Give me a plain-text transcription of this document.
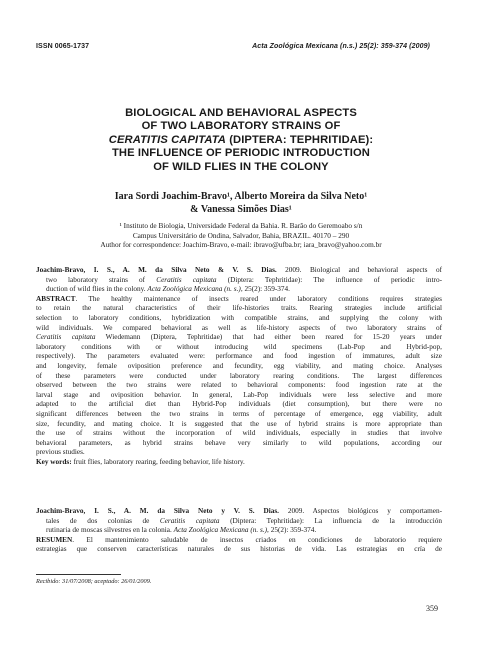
ISSN 0065-1737	Acta Zoológica Mexicana (n.s.) 25(2): 359-374 (2009)
BIOLOGICAL AND BEHAVIORAL ASPECTS
OF TWO LABORATORY STRAINS OF
CERATITIS CAPITATA (DIPTERA: TEPHRITIDAE):
THE INFLUENCE OF PERIODIC INTRODUCTION
OF WILD FLIES IN THE COLONY
Iara Sordi Joachim-Bravo¹, Alberto Moreira da Silva Neto¹
& Vanessa Simões Dias¹
¹ Instituto de Biologia, Universidade Federal da Bahia. R. Barão do Geremoabo s/n
Campus Universitário de Ondina, Salvador, Bahia, BRAZIL. 40170 – 290
Author for correspondence: Joachim-Bravo, e-mail: ibravo@ufba.br; iara_bravo@yahoo.com.br
Joachim-Bravo, I. S., A. M. da Silva Neto & V. S. Dias. 2009. Biological and behavioral aspects of
two laboratory strains of Ceratitis capitata (Diptera: Tephritidae): The influence of periodic intro-
duction of wild flies in the colony. Acta Zoológica Mexicana (n. s.), 25(2): 359-374.
ABSTRACT. The healthy maintenance of insects reared under laboratory conditions requires strategies
to retain the natural characteristics of their life-histories traits. Rearing strategies include artificial
selection to laboratory conditions, hybridization with compatible strains, and supplying the colony with
wild individuals. We compared behavioral as well as life-history aspects of two laboratory strains of
Ceratitis capitata Wiedemann (Diptera, Tephritidae) that had either been reared for 15-20 years under
laboratory conditions with or without introducing wild specimens (Lab-Pop and Hybrid-pop,
respectively). The parameters evaluated were: performance and food ingestion of immatures, adult size
and longevity, female oviposition preference and fecundity, egg viability, and mating choice. Analyses
of these parameters were conducted under laboratory rearing conditions. The largest differences
observed between the two strains were related to behavioral components: food ingestion rate at the
larval stage and oviposition behavior. In general, Lab-Pop individuals were less selective and more
adapted to the artificial diet than Hybrid-Pop individuals (diet consumption), but there were no
significant differences between the two strains in terms of percentage of emergence, egg viability, adult
size, fecundity, and mating choice. It is suggested that the use of hybrid strains is more appropriate than
the use of strains without the incorporation of wild individuals, especially in studies that involve
behavioral parameters, as hybrid strains behave very similarly to wild populations, according our
previous studies.
Key words: fruit flies, laboratory rearing, feeding behavior, life history.
Joachim-Bravo, I. S., A. M. da Silva Neto y V. S. Dias. 2009. Aspectos biológicos y comportamen-
tales de dos colonias de Ceratitis capitata (Diptera: Tephritidae): La influencia de la introducción
rutinaria de moscas silvestres en la colonia. Acta Zoológica Mexicana (n. s.), 25(2): 359-374.
RESUMEN. El mantenimiento saludable de insectos criados en condiciones de laboratorio requiere
estrategias que conserven características naturales de sus historias de vida. Las estrategias en cría de
Recibido: 31/07/2008; aceptado: 26/01/2009.
359
